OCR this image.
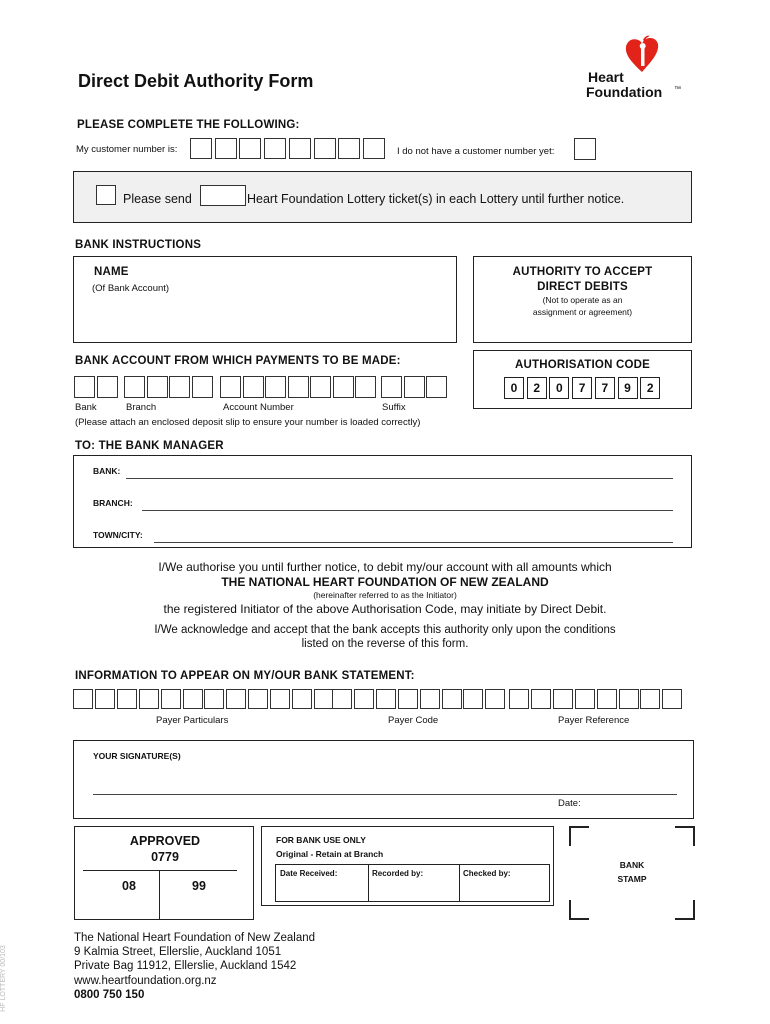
Direct Debit Authority Form	Heart
Foundation ™
PLEASE COMPLETE THE FOLLOWING:
My customer number is:	I do not have a customer number yet:
Please send	Heart Foundation Lottery ticket(s) in each Lottery until further notice.
BANK INSTRUCTIONS
NAME
(Of Bank Account)
AUTHORITY TO ACCEPT
DIRECT DEBITS
(Not to operate as an
assignment or agreement)
BANK ACCOUNT FROM WHICH PAYMENTS TO BE MADE:
Bank	Branch	Account Number	Suffix
(Please attach an enclosed deposit slip to ensure your number is loaded correctly)
AUTHORISATION CODE
0	2	0	7	7	9	2
TO: THE BANK MANAGER
BANK:
BRANCH:
TOWN/CITY:
I/We authorise you until further notice, to debit my/our account with all amounts which
THE NATIONAL HEART FOUNDATION OF NEW ZEALAND
(hereinafter referred to as the Initiator)
the registered Initiator of the above Authorisation Code, may initiate by Direct Debit.
I/We acknowledge and accept that the bank accepts this authority only upon the conditions
listed on the reverse of this form.
INFORMATION TO APPEAR ON MY/OUR BANK STATEMENT:
Payer Particulars	Payer Code	Payer Reference
YOUR SIGNATURE(S)
Date:
APPROVED
0779
08	99
FOR BANK USE ONLY
Original - Retain at Branch
Date Received:	Recorded by:	Checked by:
BANK
STAMP
The National Heart Foundation of New Zealand
9 Kalmia Street, Ellerslie, Auckland 1051
Private Bag 11912, Ellerslie, Auckland 1542
www.heartfoundation.org.nz
0800 750 150
HF LOTTERY 00/103
